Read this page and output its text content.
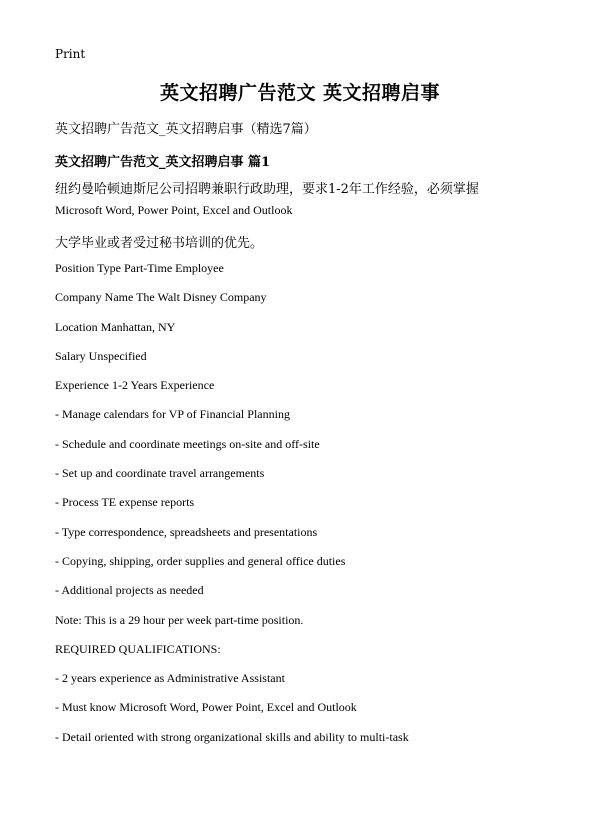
Print
英文招聘广告范文 英文招聘启事
英文招聘广告范文_英文招聘启事（精选7篇）
英文招聘广告范文_英文招聘启事 篇1
纽约曼哈顿迪斯尼公司招聘兼职行政助理，要求1-2年工作经验，必须掌握
Microsoft Word, Power Point, Excel and Outlook
大学毕业或者受过秘书培训的优先。
Position Type Part-Time Employee
Company Name The Walt Disney Company
Location Manhattan, NY
Salary Unspecified
Experience 1-2 Years Experience
- Manage calendars for VP of Financial Planning
- Schedule and coordinate meetings on-site and off-site
- Set up and coordinate travel arrangements
- Process TE expense reports
- Type correspondence, spreadsheets and presentations
- Copying, shipping, order supplies and general office duties
- Additional projects as needed
Note: This is a 29 hour per week part-time position.
REQUIRED QUALIFICATIONS:
- 2 years experience as Administrative Assistant
- Must know Microsoft Word, Power Point, Excel and Outlook
- Detail oriented with strong organizational skills and ability to multi-task
